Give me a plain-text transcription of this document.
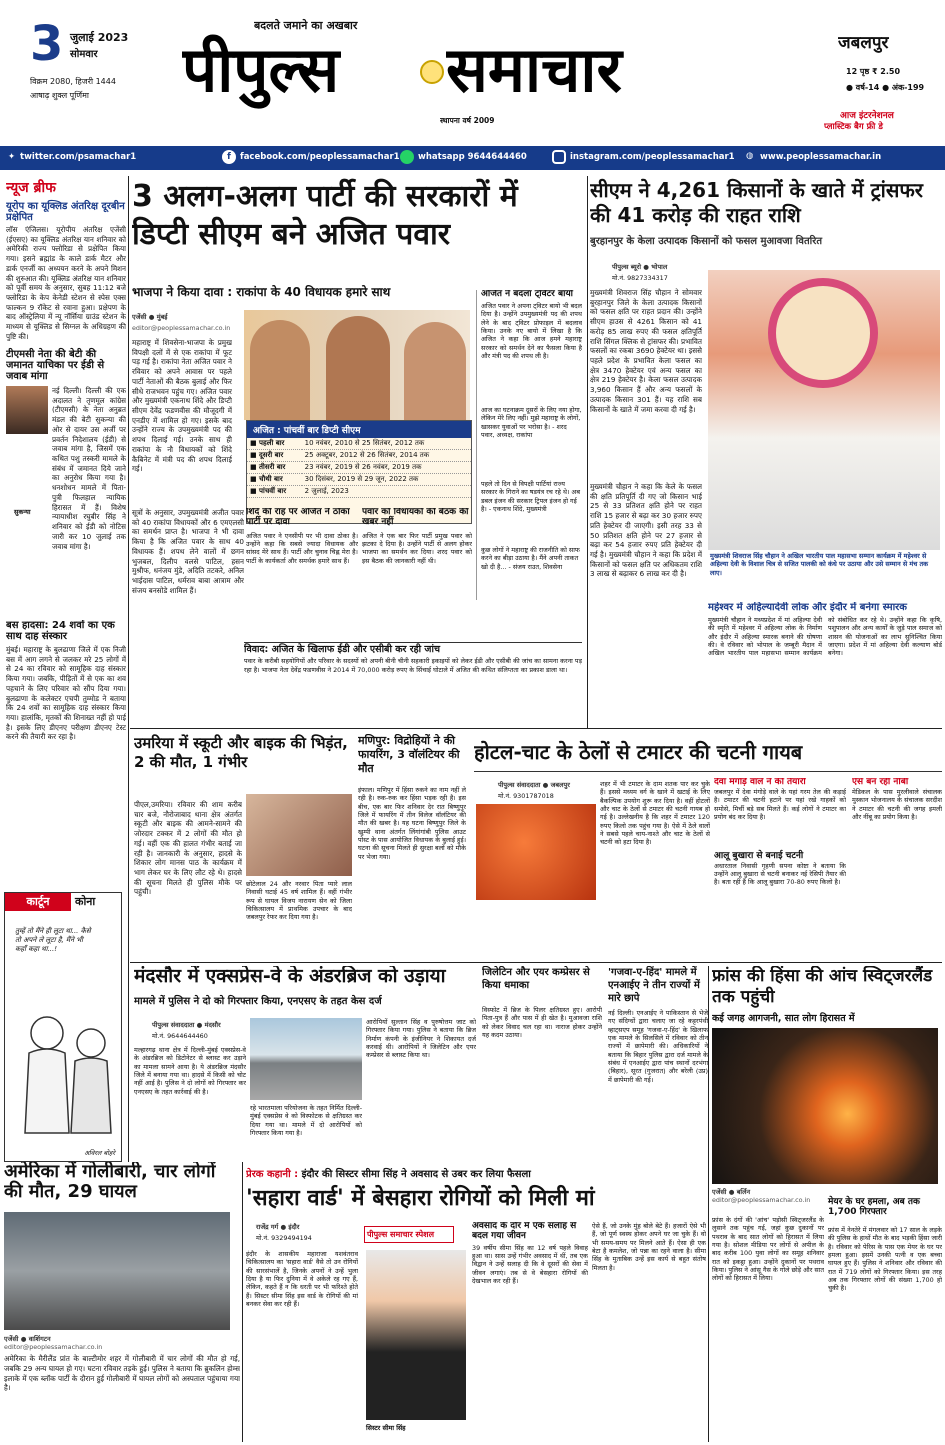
3 जुलाई 2023
सोमवार
विक्रम 2080, हिजरी 1444
आषाढ़ शुक्ल पूर्णिमा
बदलते जमाने का अखबार
पीपुल्स	समाचार
स्थापना वर्ष 2009
जबलपुर
12 पृष्ठ ₹ 2.50
● वर्ष-14 ● अंक-199
आज इंटरनेशनल
प्लास्टिक बैग फ्री डे
✦ twitter.com/psamachar1	f	facebook.com/peoplessamachar1 whatsapp 9644644460	instagram.com/peoplessamachar1 ◍ www.peoplessamachar.in
न्यूज ब्रीफ
यूरोप का यूक्लिड अंतरिक्ष दूरबीन प्रक्षेपित
लॉस एंजिलस। यूरोपीय अंतरिक्ष एजेंसी (ईएसए) का यूक्लिड अंतरिक्ष यान शनिवार को अमेरिकी राज्य फ्लोरिडा से प्रक्षेपित किया गया। इसने ब्रह्मांड के काले डार्क मैटर और डार्क एनर्जी का अध्ययन करने के अपने मिशन की शुरुआत की। यूक्लिड अंतरिक्ष यान शनिवार को पूर्वी समय के अनुसार, सुबह 11:12 बजे फ्लोरिडा के केप केनेडी स्टेशन से स्पेस एक्स फाल्कन 9 रॉकेट से रवाना हुआ। प्रक्षेपण के बाद ऑस्ट्रेलिया में न्यू नॉर्सिया ग्राउंड स्टेशन के माध्यम से यूक्लिड से सिग्नल के अधिग्रहण की पुष्टि की।
टीएमसी नेता की बेटी की जमानत याचिका पर ईडी से जवाब मांगा
नई दिल्ली। दिल्ली की एक अदालत ने तृणमूल कांग्रेस (टीएमसी) के नेता अनुब्रत मंडल की बेटी सुकन्या की ओर से दायर उस अर्जी पर प्रवर्तन निदेशालय (ईडी) से जवाब मांगा है, जिसमें एक कथित पशु तस्करी मामले के संबंध में जमानत दिये जाने का अनुरोध किया गया है। धनशोधन मामले में पिता-पुत्री फिलहाल न्यायिक हिरासत में हैं। विशेष न्यायाधीश रघुबीर सिंह ने शनिवार को ईडी को नोटिस जारी कर 10 जुलाई तक जवाब मांगा है।
सुकन्या
बस हादसा: 24 शवों का एक साथ दाह संस्कार
मुंबई। महाराष्ट्र के बुलढाणा जिले में एक निजी बस में आग लगने से जलकर मरे 25 लोगों में से 24 का रविवार को सामूहिक दाह संस्कार किया गया। जबकि, पीड़ितों में से एक का शव पहचाने के लिए परिवार को सौंप दिया गया। बुलढाणा के कलेक्टर एचपी तुम्मोड ने बताया कि 24 शवों का सामूहिक दाह संस्कार किया गया। हालांकि, मृतकों की शिनाख्त नहीं हो पाई है। इसके लिए डीएनए परीक्षण डीएनए टेस्ट करने की तैयारी कर रहा है।
कार्टून	कोना
तुम्हें तो मैंने ही लूटा था... कैसे तो अपने ले लूटा है, मैंने भी कहाँ कहा था...!
अविरल बोहरे
अमेरिका में गोलीबारी, चार लोगों की मौत, 29 घायल
एजेंसी ● वाशिंगटन
editor@peoplessamachar.co.in
अमेरिका के मैरीलैंड प्रांत के बाल्टीमोर शहर में गोलीबारी में चार लोगों की मौत हो गई, जबकि 29 अन्य घायल हो गए। घटना रविवार तड़के हुई। पुलिस ने बताया कि ब्रुकलिन होम्स इलाके में एक ब्लॉक पार्टी के दौरान हुई गोलीबारी में घायल लोगों को अस्पताल पहुंचाया गया है।
3 अलग-अलग पार्टी की सरकारों में डिप्टी सीएम बने अजित पवार
भाजपा ने किया दावा : राकांपा के 40 विधायक हमारे साथ
एजेंसी ● मुंबई
editor@peoplessamachar.co.in
महाराष्ट्र में शिवसेना-भाजपा के प्रमुख विपक्षी दलों में से एक राकांपा में फूट पड़ गई है। राकांपा नेता अजित पवार ने रविवार को अपने आवास पर पहले पार्टी नेताओं की बैठक बुलाई और फिर सीधे राजभवन पहुंच गए। अजित पवार और मुख्यमंत्री एकनाथ शिंदे और डिप्टी सीएम देवेंद्र फडणवीस की मौजूदगी में एनडीए में शामिल हो गए। इसके बाद उन्होंने राज्य के उपमुख्यमंत्री पद की शपथ दिलाई गई। उनके साथ ही राकांपा के नौ विधायकों को शिंदे कैबिनेट में मंत्री पद की शपथ दिलाई गई।
सूत्रों के अनुसार, उपमुख्यमंत्री अजीत पवार को 40 राकांपा विधायकों और 6 एमएलसी का समर्थन प्राप्त है। भाजपा ने भी दावा किया है कि अजित पवार के साथ 40 विधायक हैं। शपथ लेने वालों में छगन भुजबल, दिलीप वलसे पाटिल, हसन मुश्रीफ, धनंजय मुंडे, अदिति तटकरे, अनिल भाईदास पाटिल, धर्मराव बाबा आत्राम और संजय बनसोडे शामिल हैं।
अजित : पांचवीं बार डिप्टी सीएम
■ पहली बार	10 नवंबर, 2010 से 25 सितंबर, 2012 तक
■ दूसरी बार	25 अक्टूबर, 2012 से 26 सितंबर, 2014 तक
■ तीसरी बार	23 नवंबर, 2019 से 26 नवंबर, 2019 तक
■ चौथी बार	30 दिसंबर, 2019 से 29 जून, 2022 तक
■ पांचवीं बार	2 जुलाई, 2023
अजित ने बदला ट्विटर बायो
अजित पवार ने अपना ट्विटर बायो भी बदल दिया है। उन्होंने उपमुख्यमंत्री पद की शपथ लेने के बाद ट्विटर प्रोफाइल में बदलाव किया। उनके नए बायो में लिखा है कि अजित ने कहा कि आज हमने महाराष्ट्र सरकार को समर्थन देने का फैसला किया है और मंत्री पद की शपथ ली है।
आज का घटनाक्रम दूसरों के लिए नया होगा, लेकिन मेरे लिए नहीं। मुझे महाराष्ट्र के लोगों, खासकर युवाओं पर भरोसा है। - शरद पवार, अध्यक्ष, राकांपा
पहले तो दिन से विपक्षी पार्टियां राज्य सरकार के गिराने का षडयंत्र रच रहे थे। अब डबल इंजन की सरकार ट्रिपल इंजन हो गई है। - एकनाथ शिंदे, मुख्यमंत्री
कुछ लोगों ने महाराष्ट्र की राजनीति को साफ करने का बीड़ा उठाया है। मैंने अपनी ताकत खो दी है... - संजय राउत, शिवसेना
शिंदे की राह पर अजित ने ठोका पार्टी पर दावा
अजित पवार ने एनसीपी पर भी दावा ठोका है। उन्होंने कहा कि सबसे ज्यादा विधायक और सांसद मेरे साथ हैं। पार्टी और चुनाव चिह्न मेरा है। पार्टी के कार्यकर्ता और समर्थक हमारे साथ हैं।
पवार को विधायकों की बैठक की खबर नहीं
अजित ने एक बार फिर पार्टी प्रमुख पवार को झटका दे दिया है। उन्होंने पार्टी से अलग होकर भाजपा का समर्थन कर दिया। शरद पवार को इस बैठक की जानकारी नहीं थी।
विवाद: अजित के खिलाफ ईडी और एसीबी कर रही जांच
पवार के करीबी सहयोगियों और परिवार के सदस्यों को अपनी बीनी चीनी सहकारी इकाइयों को लेकर ईडी और एसीबी की जांच का सामना करना पड़ रहा है। भाजपा नेता देवेंद्र फडणवीस ने 2014 में 70,000 करोड़ रुपए के सिंचाई घोटाले में अजित की कथित संलिप्तता का प्रकाश डाला था।
सीएम ने 4,261 किसानों के खाते में ट्रांसफर की 41 करोड़ की राहत राशि
बुरहानपुर के केला उत्पादक किसानों को फसल मुआवजा वितरित
पीपुल्स ब्यूरो ● भोपाल
मो.नं. 9827334317
मुख्यमंत्री शिवराज सिंह चौहान ने सोमवार बुरहानपुर जिले के केला उत्पादक किसानों को फसल क्षति पर राहत प्रदान की। उन्होंने सीएम हाउस से 4261 किसान को 41 करोड़ 85 लाख रुपए की फसल क्षतिपूर्ति राशि सिंगल क्लिक से ट्रांसफर की। प्रभावित फसलों का रकबा 3690 हेक्टेयर था। इससे पहले प्रदेश के प्रभावित केला फसल का क्षेत्र 3470 हेक्टेयर एवं अन्य फसल का क्षेत्र 219 हेक्टेयर है। केला फसल उत्पादक 3,960 किसान हैं और अन्य फसलों के उत्पादक किसान 301 हैं। यह राशि सब किसानों के खाते में जमा करवा दी गई है।
मुख्यमंत्री चौहान ने कहा कि केले के फसल की क्षति प्रतिपूर्ति दी गए जो किसान भाई 25 से 33 प्रतिशत क्षति होने पर राहत राशि 15 हजार से बढ़ा कर 30 हजार रुपए प्रति हेक्टेयर दी जाएगी। इसी तरह 33 से 50 प्रतिशत क्षति होने पर 27 हजार से बढ़ा कर 54 हजार रुपए प्रति हेक्टेयर दी गई है। मुख्यमंत्री चौहान ने कहा कि प्रदेश में किसानों को फसल क्षति पर अधिकतम राशि 3 लाख से बढ़ाकर 6 लाख कर दी है।
मुख्यमंत्री शिवराज सिंह चौहान ने अखिल भारतीय पाल महासभा सम्मान कार्यक्रम में महेश्वर से अहिल्या देवी के विशाल चित्र से सजित पालकी को कंधे पर उठाया और उसे सम्मान से मंच तक लाए।
महेश्वर में अहिल्यादेवी लोक और इंदौर में बनेगा स्मारक
मुख्यमंत्री चौहान ने मध्यप्रदेश में मां अहिल्या देवी की स्मृति में महेश्वर में अहिल्या लोक के निर्माण और इंदौर में अहिल्या स्मारक बनाने की घोषणा की। वे रविवार को भोपाल के जम्बूरी मैदान में अखिल भारतीय पाल महासभा सम्मान कार्यक्रम को संबोधित कर रहे थे। उन्होंने कहा कि कृषि, पशुपालन और अन्य कार्यों के जुड़े पाल समाज को शासन की योजनाओं का लाभ सुनिश्चित किया जाएगा। प्रदेश में मां अहिल्या देवी कल्याण बोर्ड बनेगा।
उमरिया में स्कूटी और बाइक की भिड़ंत, 2 की मौत, 1 गंभीर
पीएल,उमरिया। रविवार की शाम करीब चार बजे, नौरोजाबाद थाना क्षेत्र अंतर्गत स्कूटी और बाइक की आमने-सामने की जोरदार टक्कर में 2 लोगों की मौत हो गई। वहीं एक की हालत गंभीर बताई जा रही है। जानकारी के अनुसार, हादसे के शिकार लोग मानस पाठ के कार्यक्रम में भाग लेकर घर के लिए लौट रहे थे। हादसे की सूचना मिलते ही पुलिस मौके पर पहुंची।
छोटेलाल 24 और नरवार पिता प्यारे लाल निवासी घटाई 45 वर्ष शामिल हैं। वहीं गंभीर रूप से घायल विजय नारायण सेन को जिला चिकित्सालय में प्राथमिक उपचार के बाद जबलपुर रेफर कर दिया गया है।
मणिपुर: विद्रोहियों ने की फायरिंग, 3 वॉलंटियर की मौत
इंफाल। मणिपुर में हिंसा रुकने का नाम नहीं ले रही है। रुक-रुक कर हिंसा भड़क रही है। इस बीच, एक बार फिर शनिवार देर रात बिष्णुपुर जिले में फायरिंग में तीन विलेज वॉलंटियर की मौत की खबर है। यह घटना बिष्णुपुर जिले के खुम्पी थाना अंतर्गत लिंगांगांबी पुलिस आउट पोस्ट के पास आयोजित विधायक के बुलाई हुई। घटना की सूचना मिलते ही सुरक्षा बलों को मौके पर भेजा गया।
होटल-चाट के ठेलों से टमाटर की चटनी गायब
पीपुल्स संवाददाता ● जबलपुर
मो.नं. 9301787018
शहर में भी टमाटर के दाम शतक पार कर चुके हैं। इससे मध्यम वर्ग के खाने में खटाई के लिए बैकल्पिक उपयोग शुरू कर दिया है। वहीं होटलों और चाट के ठेलों से टमाटर की चटनी गायब हो गई है। उल्लेखनीय है कि शहर में टमाटर 120 रुपए किलो तक पहुंच गया है। ऐसे में ठेले वालों ने सबसे पहले चाय-नाश्ते और चाट के ठेलों से चटनी को हटा दिया है।
देवा मंगोड़े वाले ने की तैयारी
जबलपुर में देवा मंगोड़े वाले के यहां गरम तेल की कड़ाई है। टमाटर की चटनी हटाने पर यहां रखे गाहकों को समोसे, मिर्ची बड़े सब मिलते हैं। कई लोगों ने टमाटर का प्रयोग बंद कर दिया है।
आलू बुखारा से बनाई चटनी
अधारताल निवासी गृहणी सपना कोष्टा ने बताया कि उन्होंने आलू बुखारा से चटनी बनाकर नई रेसिपी तैयार की है। बता रहीं हैं कि आलू बुखारा 70-80 रुपए किलो है।
ऐसे बन रही नीबी
मेडिकल के पास मुरलीवाले संचालक मुस्कान भोजनालय के संचालक सरदीश ने टमाटर की चटनी की जगह इमली और नींबू का प्रयोग किया है।
मंदसौर में एक्सप्रेस-वे के अंडरब्रिज को उड़ाया
मामले में पुलिस ने दो को गिरफ्तार किया, एनएसए के तहत केस दर्ज
पीपुल्स संवाददाता ● मंदसौर
मो.नं. 9644644460
मल्हारगढ़ थाना क्षेत्र में दिल्ली-मुंबई एक्सप्रेस-वे के अंडरब्रिज को डिटोनेटर से ब्लास्ट कर उड़ाने का मामला सामने आया है। ये अंडरब्रिज मंदसौर जिले में बनाया गया था। हादसे में किसी को चोट नहीं आई है। पुलिस ने दो लोगों को गिरफ्तार कर एनएसए के तहत कार्रवाई की है।
रहे भारतमाला परियोजना के तहत निर्मित दिल्ली-मुंबई एक्सप्रेस वे को विस्फोटक से क्षतिग्रस्त कर दिया गया था। मामले में दो आरोपियों को गिरफ्तार किया गया है।
आरोपियों सुल्तान सिंह व पुरुषोत्तम जाट को गिरफ्तार किया गया। पुलिस ने बताया कि ब्रिज निर्माण कंपनी के इंजीनियर ने शिकायत दर्ज करवाई थी। आरोपियों ने जिलेटिन और एयर कम्प्रेसर से ब्लास्ट किया था।
जिलेटिन और एयर कम्प्रेसर से किया धमाका
विस्फोट में ब्रिज के पिलर क्षतिग्रस्त हुए। आरोपी पिता-पुत्र हैं और पास में ही खेत है। मुआवजा राशि को लेकर विवाद चल रहा था। नाराज होकर उन्होंने यह कदम उठाया।
'गजवा-ए-हिंद' मामले में एनआईए ने तीन राज्यों में मारे छापे
नई दिल्ली। एनआईए ने पाकिस्तान से भेजे गए संदिग्धों द्वारा चलाए जा रहे कट्टरपंथी व्हाट्सएप समूह 'गजवा-ए-हिंद' के खिलाफ एक मामले के सिलसिले में रविवार को तीन राज्यों में छापेमारी की। अधिकारियों ने बताया कि बिहार पुलिस द्वारा दर्ज मामले के संबंध में एनआईए द्वारा पांच स्थानों दरभंगा (बिहार), सूरत (गुजरात) और बरेली (उप्र) में छापेमारी की गई।
फ्रांस की हिंसा की आंच स्विट्जरलैंड तक पहुंची
कई जगह आगजनी, सात लोग हिरासत में
एजेंसी ● बर्लिन
editor@peoplessamachar.co.in
फ्रांस के दंगों की 'आंच' पड़ोसी स्विट्जरलैंड के लुसाने तक पहुंच गई, जहां कुछ दुकानों पर पथराव के बाद सात लोगों को हिरासत में लिया गया है। सोशल मीडिया पर लोगों से अपील के बाद करीब 100 युवा लोगों का समूह शनिवार रात को इकट्ठा हुआ। उन्होंने दुकानों पर पथराव किया। पुलिस ने आंसू गैस के गोले छोड़े और सात लोगों को हिरासत में लिया।
मेयर के घर हमला, अब तक 1,700 गिरफ्तार
फ्रांस में नेनतेरे में मंगलवार को 17 साल के लड़के की पुलिस के हाथों मौत के बाद भड़की हिंसा जारी है। रविवार को पेरिस के पास एक मेयर के घर पर हमला हुआ। इसमें उनकी पत्नी व एक बच्चा घायल हुए हैं। पुलिस ने शनिवार और रविवार की रात में 719 लोगों को गिरफ्तार किया। इस तरह अब तक गिरफ्तार लोगों की संख्या 1,700 हो चुकी है।
प्रेरक कहानी : इंदौर की सिस्टर सीमा सिंह ने अवसाद से उबर कर लिया फैसला
'सहारा वार्ड' में बेसहारा रोगियों को मिली मां
राजेंद्र गर्ग ● इंदौर
मो.नं. 9329494194	पीपुल्स समाचार स्पेशल
इंदौर के शासकीय महाराजा यशवंतराव चिकित्सालय का 'सहारा वार्ड' वैसे तो उन रोगियों की सारसंभालें है, जिनके अपनों ने उन्हें भुला दिया है या फिर दुनिया में वे अकेले रह गए हैं, लेकिन, कहते हैं न कि धरती पर भी फरिश्ते होते हैं। सिस्टर सीमा सिंह इस वार्ड के रोगियों की मां बनकर सेवा कर रही हैं।
सिस्टर सीमा सिंह
अवसाद के दौर में एक सलाह से बदल गया जीवन
39 वर्षीय सीमा सिंह का 12 वर्ष पहले विवाह हुआ था। सास उन्हें गंभीर अवसाद में थीं, तब एक विद्वान ने उन्हें सलाह दी कि वे दूसरों की सेवा में जीवन लगाएं। तब से वे बेसहारा रोगियों की देखभाल कर रही हैं।
ऐसे हैं, जो उनके मुंह बोले बेटे हैं। हजारों ऐसे भी हैं, जो पूर्ण स्वस्थ होकर अपने घर जा चुके हैं। वो भी समय-समय पर मिलने आते हैं। ऐसा ही एक बेटा है कमलेश, जो पन्ना का रहने वाला है। सीमा सिंह के मुताबिक उन्हें इस कार्य से बहुत संतोष मिलता है।
